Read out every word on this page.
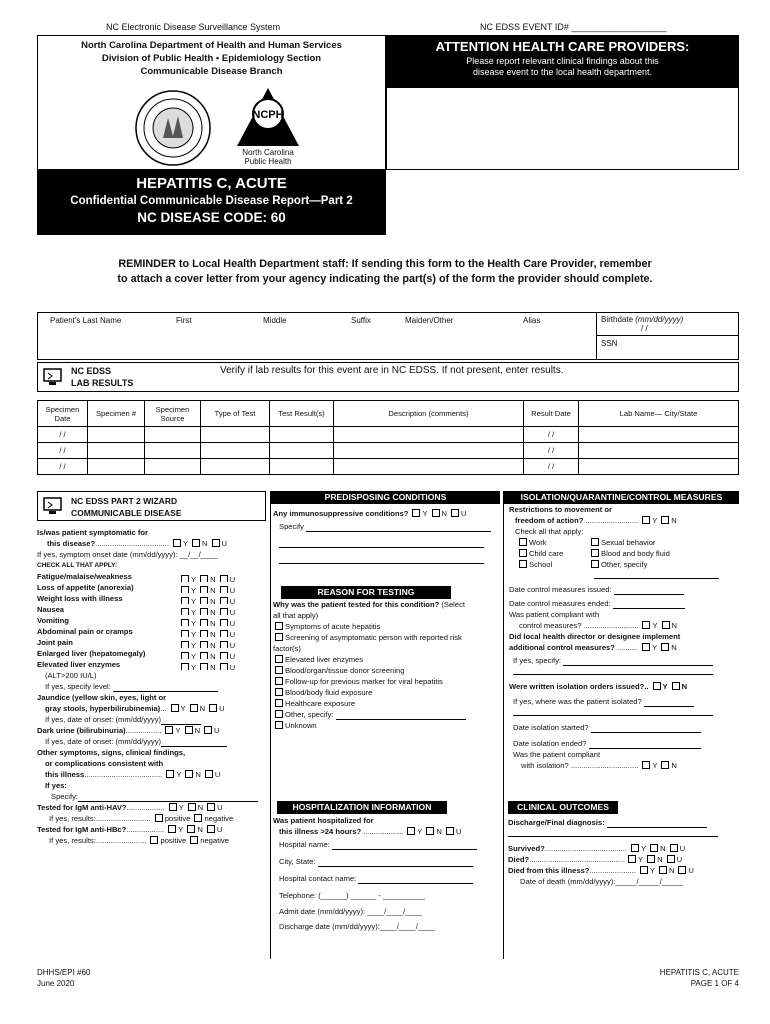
NC Electronic Disease Surveillance System	NC EDSS EVENT ID# ___________________
North Carolina Department of Health and Human Services
Division of Public Health • Epidemiology Section
Communicable Disease Branch
NCPH
North Carolina
Public Health
ATTENTION HEALTH CARE PROVIDERS:
Please report relevant clinical findings about this
disease event to the local health department.
HEPATITIS C, ACUTE
Confidential Communicable Disease Report—Part 2
NC DISEASE CODE: 60
REMINDER to Local Health Department staff: If sending this form to the Health Care Provider, remember
to attach a cover letter from your agency indicating the part(s) of the form the provider should complete.
Patient's Last Name	First	Middle	Suffix	Maiden/Other	Alias	Birthdate (mm/dd/yyyy)
/ /
SSN
NC EDSS
LAB RESULTS
Verify if lab results for this event are in NC EDSS. If not present, enter results.
Specimen Date	Specimen #	Specimen Source	Type of Test	Test Result(s)	Description (comments)	Result Date	Lab Name— City/State
/ /						/ /	
/ /						/ /	
/ /						/ /	
NC EDSS PART 2 WIZARD
COMMUNICABLE DISEASE
Is/was patient symptomatic for
this disease?................................... Y N U
If yes, symptom onset date (mm/dd/yyyy): __/__/____
CHECK ALL THAT APPLY:
Fatigue/malaise/weakness	Y N U
Loss of appetite (anorexia)	Y N U
Weight loss with illness	Y N U
Nausea	Y N U
Vomiting	Y N U
Abdominal pain or cramps	Y N U
Joint pain	Y N U
Enlarged liver (hepatomegaly)	Y N U
Elevated liver enzymes	Y N U
(ALT>200 IU/L)
If yes, specify level:
Jaundice (yellow skin, eyes, light or
gray stools, hyperbilirubinemia)... Y N U
If yes, date of onset: (mm/dd/yyyy)
Dark urine (bilirubinuria)................. Y N U
If yes, date of onset: (mm/dd/yyyy)
Other symptoms, signs, clinical findings,
or complications consistent with
this illness..................................... Y N U
If yes:
Specify:
Tested for IgM anti-HAV?.................. Y N U
If yes, results:.......................... positive negative
Tested for IgM anti-HBc?.................. Y N U
If yes, results:........................ positive negative
PREDISPOSING CONDITIONS
Any immunosuppressive conditions? Y N U
Specify

REASON FOR TESTING
Why was the patient tested for this condition? (Select
all that apply)
Symptoms of acute hepatitis
Screening of asymptomatic person with reported risk
factor(s)
Elevated liver enzymes
Blood/organ/tissue donor screening
Follow-up for previous marker for viral hepatitis
Blood/body fluid exposure
Healthcare exposure
Other, specify:
Unknown
HOSPITALIZATION INFORMATION
Was patient hospitalized for
this illness >24 hours? ................... Y N U
Hospital name:
City, State:
Hospital contact name:
Telephone: (______) ______ - __________
Admit date (mm/dd/yyyy): ____/____/____
Discharge date (mm/dd/yyyy):____/____/____
ISOLATION/QUARANTINE/CONTROL MEASURES
Restrictions to movement or
freedom of action? ......................... Y N
Check all that apply:
Work	Sexual behavior
Child care	Blood and body fluid
School	Other, specify
Date control measures issued:
Date control measures ended:
Was patient compliant with
control measures? .......................... Y N
Did local health director or designee implement
additional control measures? .......... Y N
If yes, specify:
Were written isolation orders issued?.. Y N
If yes, where was the patient isolated?
Date isolation started?
Date isolation ended?
Was the patient compliant
with isolation? ................................ Y N
CLINICAL OUTCOMES
Discharge/Final diagnosis:
Survived?....................................... Y N U
Died?............................................. Y N U
Died from this illness?...................... Y N U
Date of death (mm/dd/yyyy):_____/_____/_____
DHHS/EPI #60
June 2020
HEPATITIS C, ACUTE
PAGE 1 OF 4
